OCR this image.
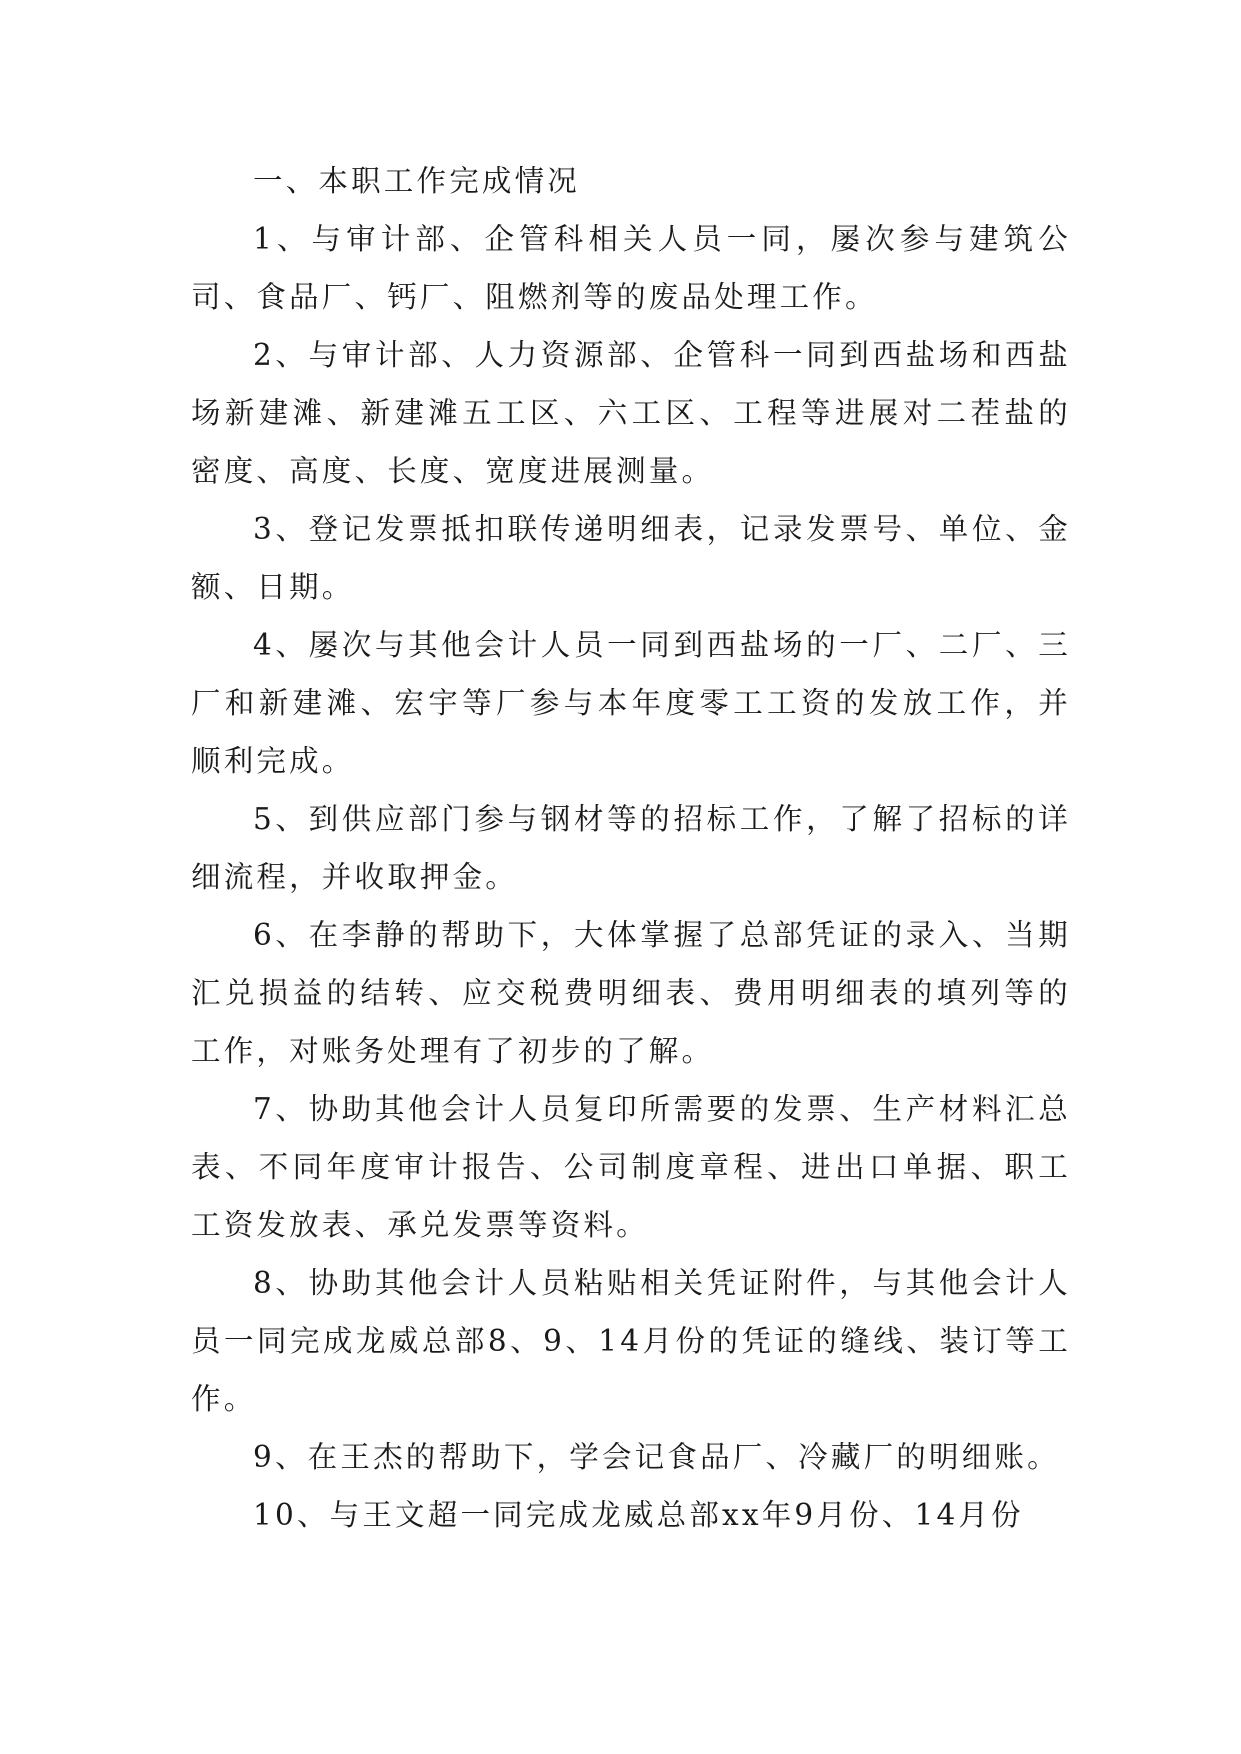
一、本职工作完成情况

1、与审计部、企管科相关人员一同，屡次参与建筑公司、食品厂、钙厂、阻燃剂等的废品处理工作。

2、与审计部、人力资源部、企管科一同到西盐场和西盐场新建滩、新建滩五工区、六工区、工程等进展对二茬盐的密度、高度、长度、宽度进展测量。

3、登记发票抵扣联传递明细表，记录发票号、单位、金额、日期。

4、屡次与其他会计人员一同到西盐场的一厂、二厂、三厂和新建滩、宏宇等厂参与本年度零工工资的发放工作，并顺利完成。

5、到供应部门参与钢材等的招标工作，了解了招标的详细流程，并收取押金。

6、在李静的帮助下，大体掌握了总部凭证的录入、当期汇兑损益的结转、应交税费明细表、费用明细表的填列等的工作，对账务处理有了初步的了解。

7、协助其他会计人员复印所需要的发票、生产材料汇总表、不同年度审计报告、公司制度章程、进出口单据、职工工资发放表、承兑发票等资料。

8、协助其他会计人员粘贴相关凭证附件，与其他会计人员一同完成龙威总部8、9、14月份的凭证的缝线、装订等工作。

9、在王杰的帮助下，学会记食品厂、冷藏厂的明细账。

10、与王文超一同完成龙威总部xx年9月份、14月份
